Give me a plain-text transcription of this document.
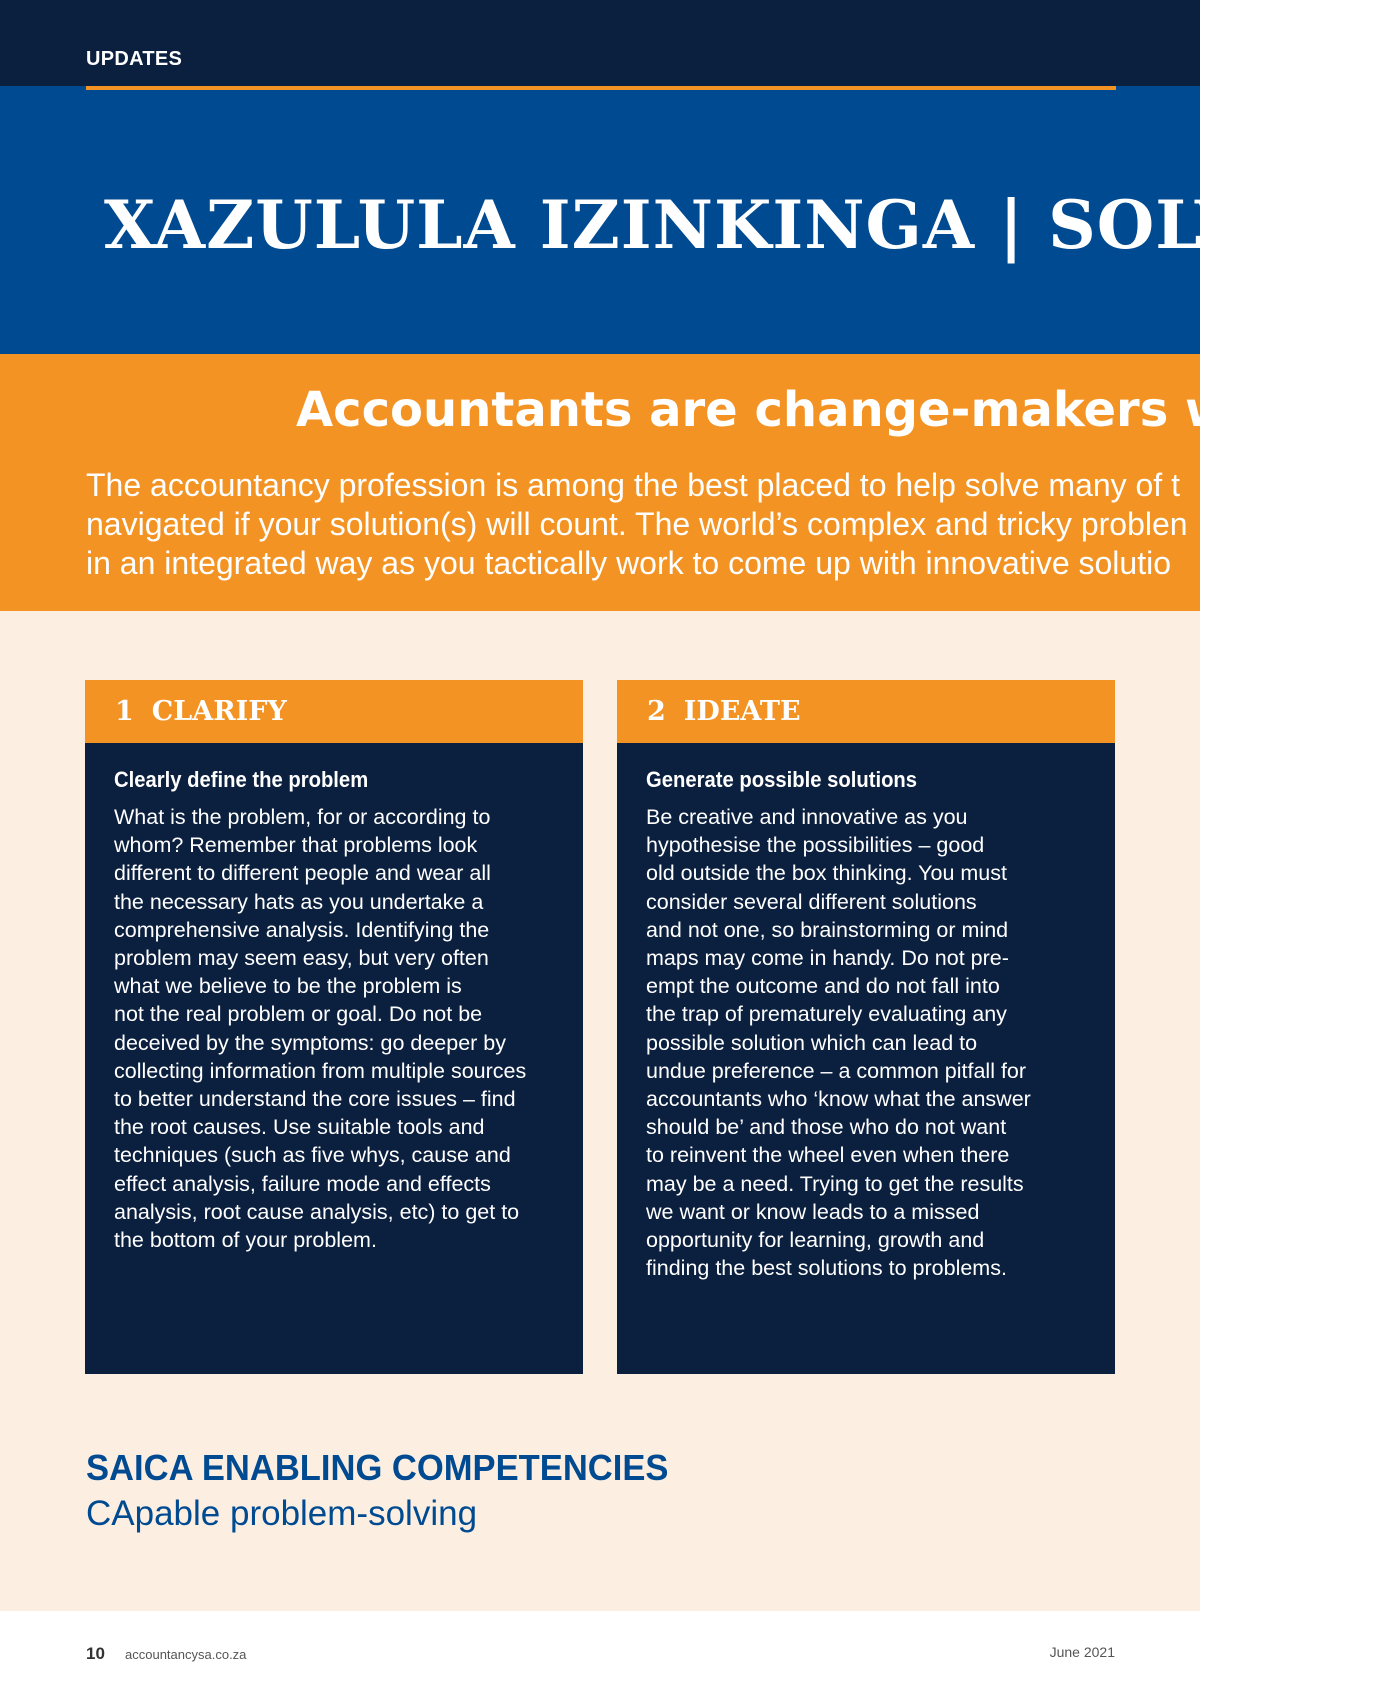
UPDATES
XAZULULA IZINKINGA | SOLVE P
Accountants are change-makers who s
The accountancy profession is among the best placed to help solve many of t
navigated if your solution(s) will count. The world’s complex and tricky problen
in an integrated way as you tactically work to come up with innovative solutio
1 CLARIFY
Clearly define the problem
What is the problem, for or according to
whom? Remember that problems look
different to different people and wear all
the necessary hats as you undertake a
comprehensive analysis. Identifying the
problem may seem easy, but very often
what we believe to be the problem is
not the real problem or goal. Do not be
deceived by the symptoms: go deeper by
collecting information from multiple sources
to better understand the core issues – find
the root causes. Use suitable tools and
techniques (such as five whys, cause and
effect analysis, failure mode and effects
analysis, root cause analysis, etc) to get to
the bottom of your problem.
2 IDEATE
Generate possible solutions
Be creative and innovative as you
hypothesise the possibilities – good
old outside the box thinking. You must
consider several different solutions
and not one, so brainstorming or mind
maps may come in handy. Do not pre-
empt the outcome and do not fall into
the trap of prematurely evaluating any
possible solution which can lead to
undue preference – a common pitfall for
accountants who ‘know what the answer
should be’ and those who do not want
to reinvent the wheel even when there
may be a need. Trying to get the results
we want or know leads to a missed
opportunity for learning, growth and
finding the best solutions to problems.
SAICA ENABLING COMPETENCIES
CApable problem-solving
10 accountancysa.co.za	June 2021
